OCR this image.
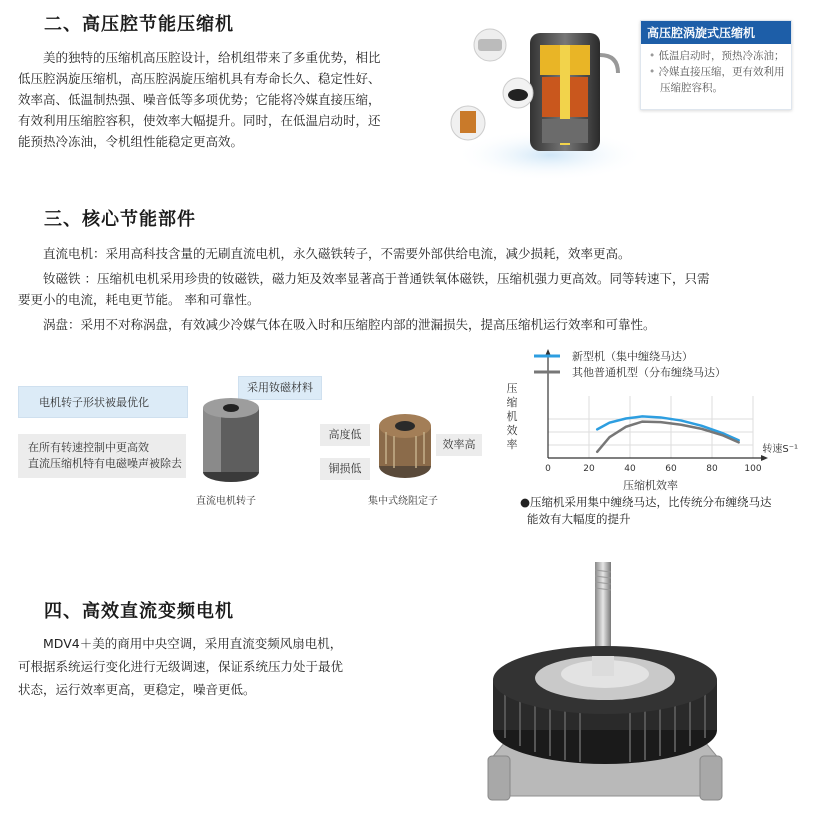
二、高压腔节能压缩机

美的独特的压缩机高压腔设计，给机组带来了多重优势，相比低压腔涡旋压缩机，高压腔涡旋压缩机具有寿命长久、稳定性好、效率高、低温制热强、噪音低等多项优势；它能将冷媒直接压缩，有效利用压缩腔容积，使效率大幅提升。同时，在低温启动时，还能预热冷冻油，令机组性能稳定更高效。

高压腔涡旋式压缩机
• 低温启动时，预热冷冻油；
• 冷媒直接压缩，更有效利用
压缩腔容积。
三、核心节能部件
直流电机：采用高科技含量的无刷直流电机，永久磁铁转子，不需要外部供给电流，减少损耗，效率更高。
钕磁铁 ：压缩机电机采用珍贵的钕磁铁，磁力矩及效率显著高于普通铁氧体磁铁，压缩机强力更高效。同等转速下，只需
要更小的电流，耗电更节能。 率和可靠性。
涡盘：采用不对称涡盘，有效减少冷媒气体在吸入时和压缩腔内部的泄漏损失，提高压缩机运行效率和可靠性。
电机转子形状被最优化
采用钕磁材料
在所有转速控制中更高效
直流压缩机特有电磁噪声被除去
直流电机转子
高度低
效率高
铜损低
集中式绕阻定子
0	20	40	60	80	100
压
缩
机
效
率
压缩机效率
转速S⁻¹
新型机（集中缠绕马达）
其他普通机型（分布缠绕马达）
●压缩机采用集中缠绕马达，比传统分布缠绕马达
能效有大幅度的提升
四、高效直流变频电机
MDV4＋美的商用中央空调，采用直流变频风扇电机，
可根据系统运行变化进行无级调速，保证系统压力处于最优
状态，运行效率更高，更稳定，噪音更低。
